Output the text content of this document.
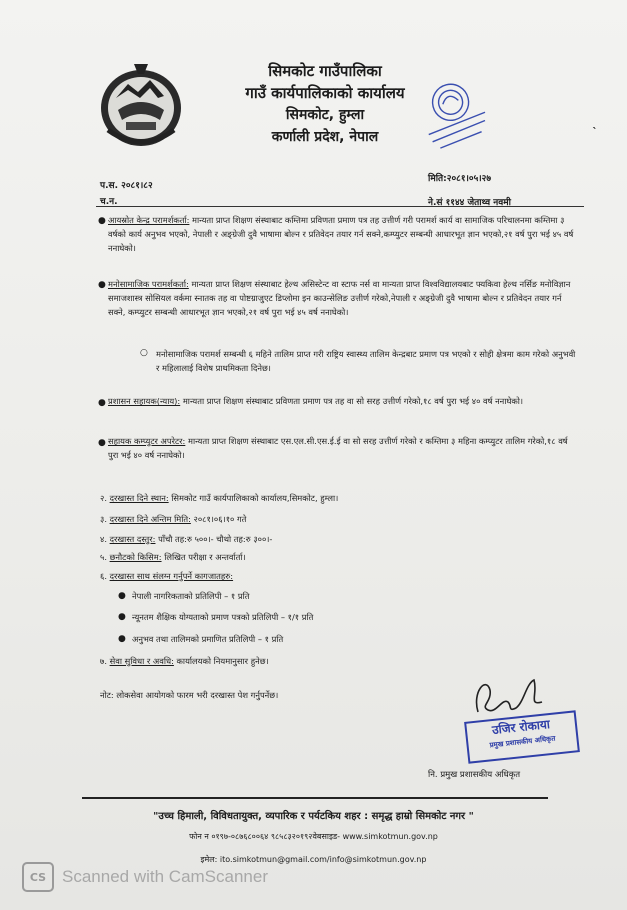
सिमकोट गाउँपालिका
गाउँ कार्यपालिकाको कार्यालय
सिमकोट, हुम्ला
कर्णाली प्रदेश, नेपाल
˴
प.स. २०८१।८२
च.न.
मिति:२०८१।०५।२७
ने.सं ११४४ जेताथ्व नवमी
● आयस्रोत केन्द्र परामर्शकर्ता: मान्यता प्राप्त शिक्षण संस्थाबाट कम्तिमा प्रविणता प्रमाण पत्र तह उत्तीर्ण गरी परामर्श कार्य वा सामाजिक परिचालनमा कम्तिमा ३ वर्षको कार्य अनुभव भएको, नेपाली र अङ्ग्रेजी दुवै भाषामा बोल्न र प्रतिवेदन तयार गर्न सक्ने,कम्प्युटर सम्बन्धी आधारभूत ज्ञान भएको,२१ वर्ष पुरा भई ४५ वर्ष ननाघेको।
● मनोसामाजिक परामर्शकर्ता: मान्यता प्राप्त शिक्षण संस्थाबाट हेल्थ असिस्टेन्ट वा स्टाफ नर्स वा मान्यता प्राप्त विश्वविद्यालयबाट फ्यकिवा हेल्थ नर्सिङ मनोविज्ञान समाजशास्त्र सोसियल वर्कमा स्नातक तह वा पोष्टग्राजुएट डिप्लोमा इन काउन्सेलिङ उत्तीर्ण गरेको,नेपाली र अङ्ग्रेजी दुवै भाषामा बोल्न र प्रतिवेदन तयार गर्न सक्ने, कम्प्युटर सम्बन्धी आधारभूत ज्ञान भएको,२१ वर्ष पुरा भई ४५ वर्ष ननाघेको।
○ मनोसामाजिक परामर्श सम्बन्धी ६ महिने तालिम प्राप्त गरी राष्ट्रिय स्वास्थ्य तालिम केन्द्रबाट प्रमाण पत्र भएको र सोही क्षेत्रमा काम गरेको अनुभवी र महिलालाई विशेष प्राथमिकता दिनेछ।
● प्रशासन सहायक(न्याय): मान्यता प्राप्त शिक्षण संस्थाबाट प्रविणता प्रमाण पत्र तह वा सो सरह उत्तीर्ण गरेको,१८ वर्ष पुरा भई ४० वर्ष ननाघेको।
● सहायक कम्प्युटर अपरेटर: मान्यता प्राप्त शिक्षण संस्थाबाट एस.एल.सी.एस.ई.ई वा सो सरह उत्तीर्ण गरेको र कम्तिमा ३ महिना कम्प्युटर तालिम गरेको,१८ वर्ष पुरा भई ४० वर्ष ननाघेको।
२. दरखास्त दिने स्थान: सिमकोट गाउँ कार्यपालिकाको कार्यालय,सिमकोट, हुम्ला।
३. दरखास्त दिने अन्तिम मिति: २०८१।०६।१० गते
४. दरखास्त दस्तुर: पाँचौ तह:रु ५००।- चौथो तह:रु ३००।-
५. छनौटको किसिम: लिखित परीक्षा र अन्तर्वार्ता।
६. दरखास्त साथ संलग्न गर्नुपर्ने कागजातहरु:
● नेपाली नागरिकताको प्रतिलिपी – १ प्रति
● न्यूनतम शैक्षिक योग्यताको प्रमाण पत्रको प्रतिलिपी – १/१ प्रति
● अनुभव तथा तालिमको प्रमाणित प्रतिलिपी – १ प्रति
७. सेवा सुविधा र अवधि: कार्यालयको नियमानुसार हुनेछ।
नोट: लोकसेवा आयोगको फारम भरी दरखास्त पेश गर्नुपर्नेछ।
उजिर रोकाया
प्रमुख प्रशासकीय अधिकृत
नि. प्रमुख प्रशासकीय अधिकृत
"उच्च हिमाली, विविधतायुक्त, व्यपारिक र पर्यटकिय शहर : समृद्ध हाम्रो सिमकोट नगर "
फोन न ०१९७-०८७६८००६४ ९८५८३२०१९२वेबसाइड- www.simkotmun.gov.np
इमेल: ito.simkotmun@gmail.com/info@simkotmun.gov.np
CS Scanned with CamScanner
